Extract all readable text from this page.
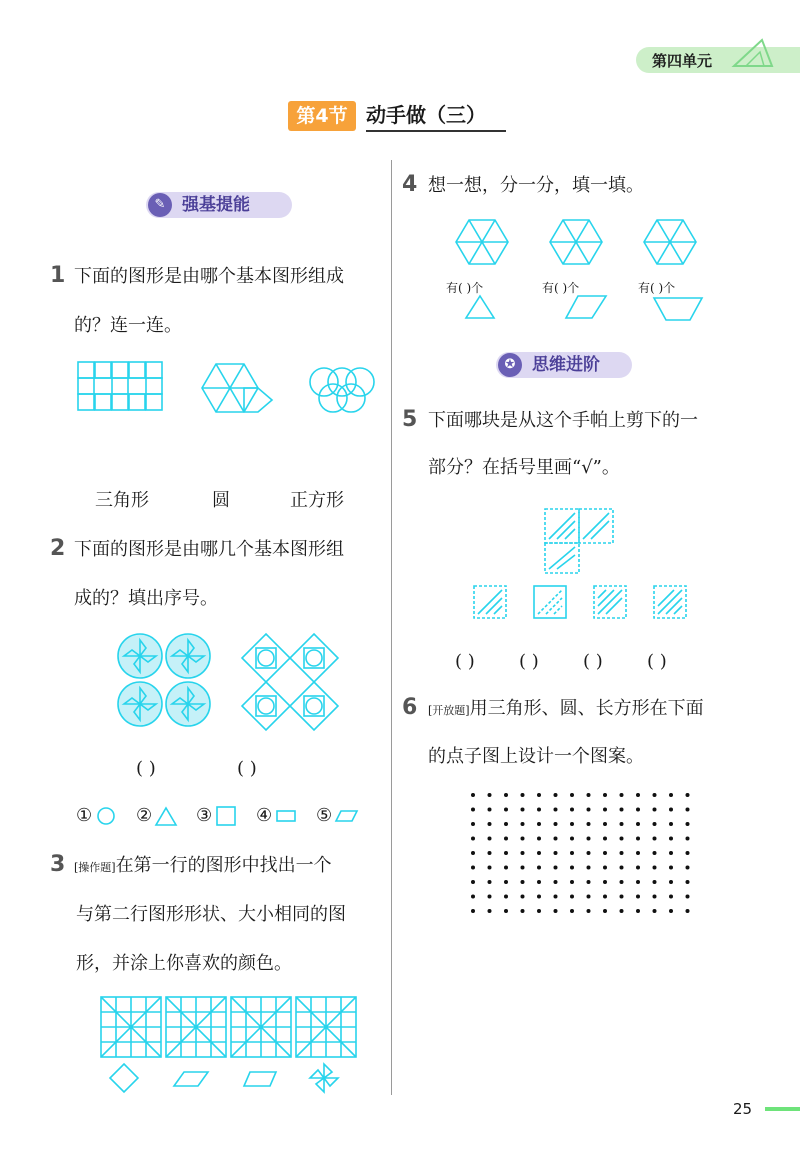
第四单元
第4节 动手做（三）
✎ 强基提能
1 下面的图形是由哪个基本图形组成
的？连一连。
三角形	圆	正方形
2 下面的图形是由哪几个基本图形组
成的？填出序号。
( )	( )
① ② ③ ④ ⑤
3 [操作题]在第一行的图形中找出一个
与第二行图形形状、大小相同的图
形，并涂上你喜欢的颜色。
4 想一想，分一分，填一填。
有( )个	有( )个	有( )个
✪ 思维进阶
5 下面哪块是从这个手帕上剪下的一
部分？在括号里画“√”。
( ) ( ) ( ) ( )
6 [开放题]用三角形、圆、长方形在下面
的点子图上设计一个图案。
25
